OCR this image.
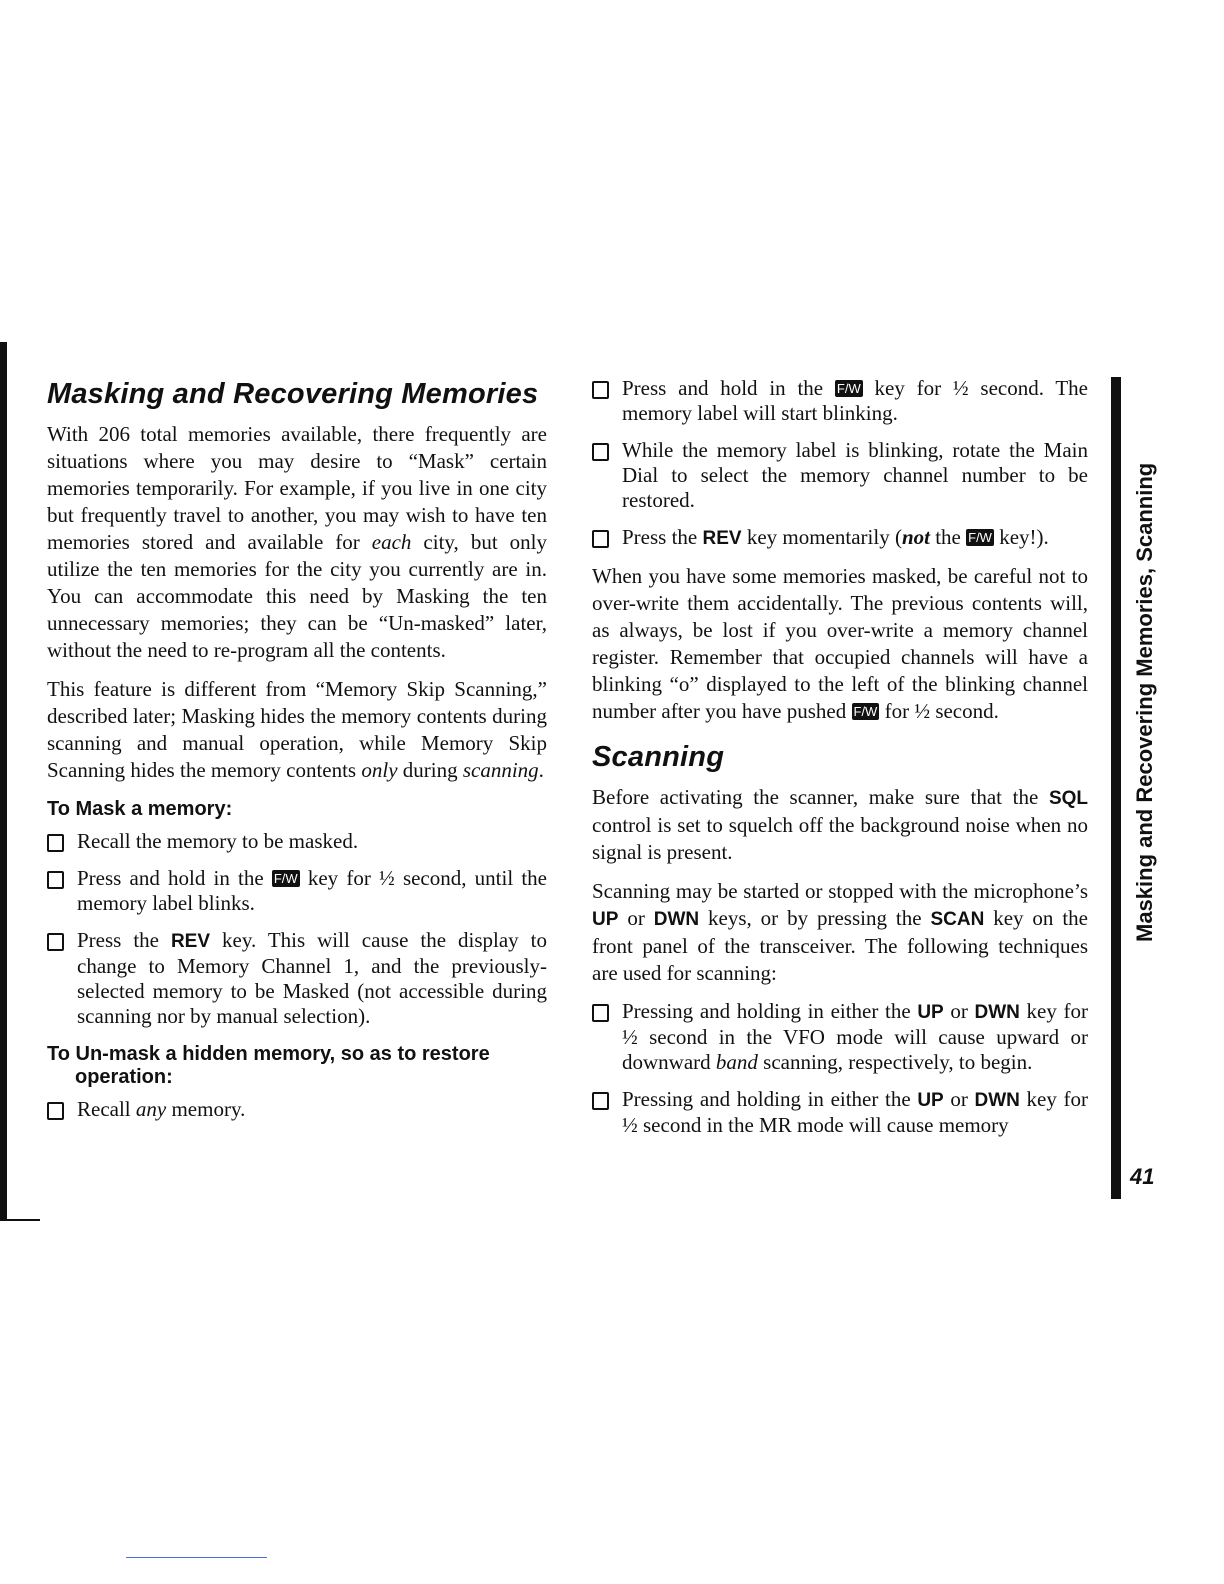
Masking and Recovering Memories

With 206 total memories available, there frequently are situations where you may desire to “Mask” certain memories temporarily. For example, if you live in one city but frequently travel to another, you may wish to have ten memories stored and available for each city, but only utilize the ten memories for the city you currently are in. You can accommodate this need by Masking the ten unnecessary memories; they can be “Un-masked” later, without the need to re-program all the contents.

This feature is different from “Memory Skip Scanning,” described later; Masking hides the memory contents during scanning and manual operation, while Memory Skip Scanning hides the memory contents only during scanning.

To Mask a memory:
Recall the memory to be masked.
Press and hold in the F/W key for ½ second, until the memory label blinks.
Press the REV key. This will cause the display to change to Memory Channel 1, and the previously-selected memory to be Masked (not accessible during scanning nor by manual selection).
To Un-mask a hidden memory, so as to restore operation:
Recall any memory.
Press and hold in the F/W key for ½ second. The memory label will start blinking.
While the memory label is blinking, rotate the Main Dial to select the memory channel number to be restored.
Press the REV key momentarily (not the F/W key!).

When you have some memories masked, be careful not to over-write them accidentally. The previous contents will, as always, be lost if you over-write a memory channel register. Remember that occupied channels will have a blinking “o” displayed to the left of the blinking channel number after you have pushed F/W for ½ second.

Scanning

Before activating the scanner, make sure that the SQL control is set to squelch off the background noise when no signal is present.

Scanning may be started or stopped with the microphone’s UP or DWN keys, or by pressing the SCAN key on the front panel of the transceiver. The following techniques are used for scanning:

Pressing and holding in either the UP or DWN key for ½ second in the VFO mode will cause upward or downward band scanning, respectively, to begin.
Pressing and holding in either the UP or DWN key for ½ second in the MR mode will cause memory
Masking and Recovering Memories, Scanning
41
